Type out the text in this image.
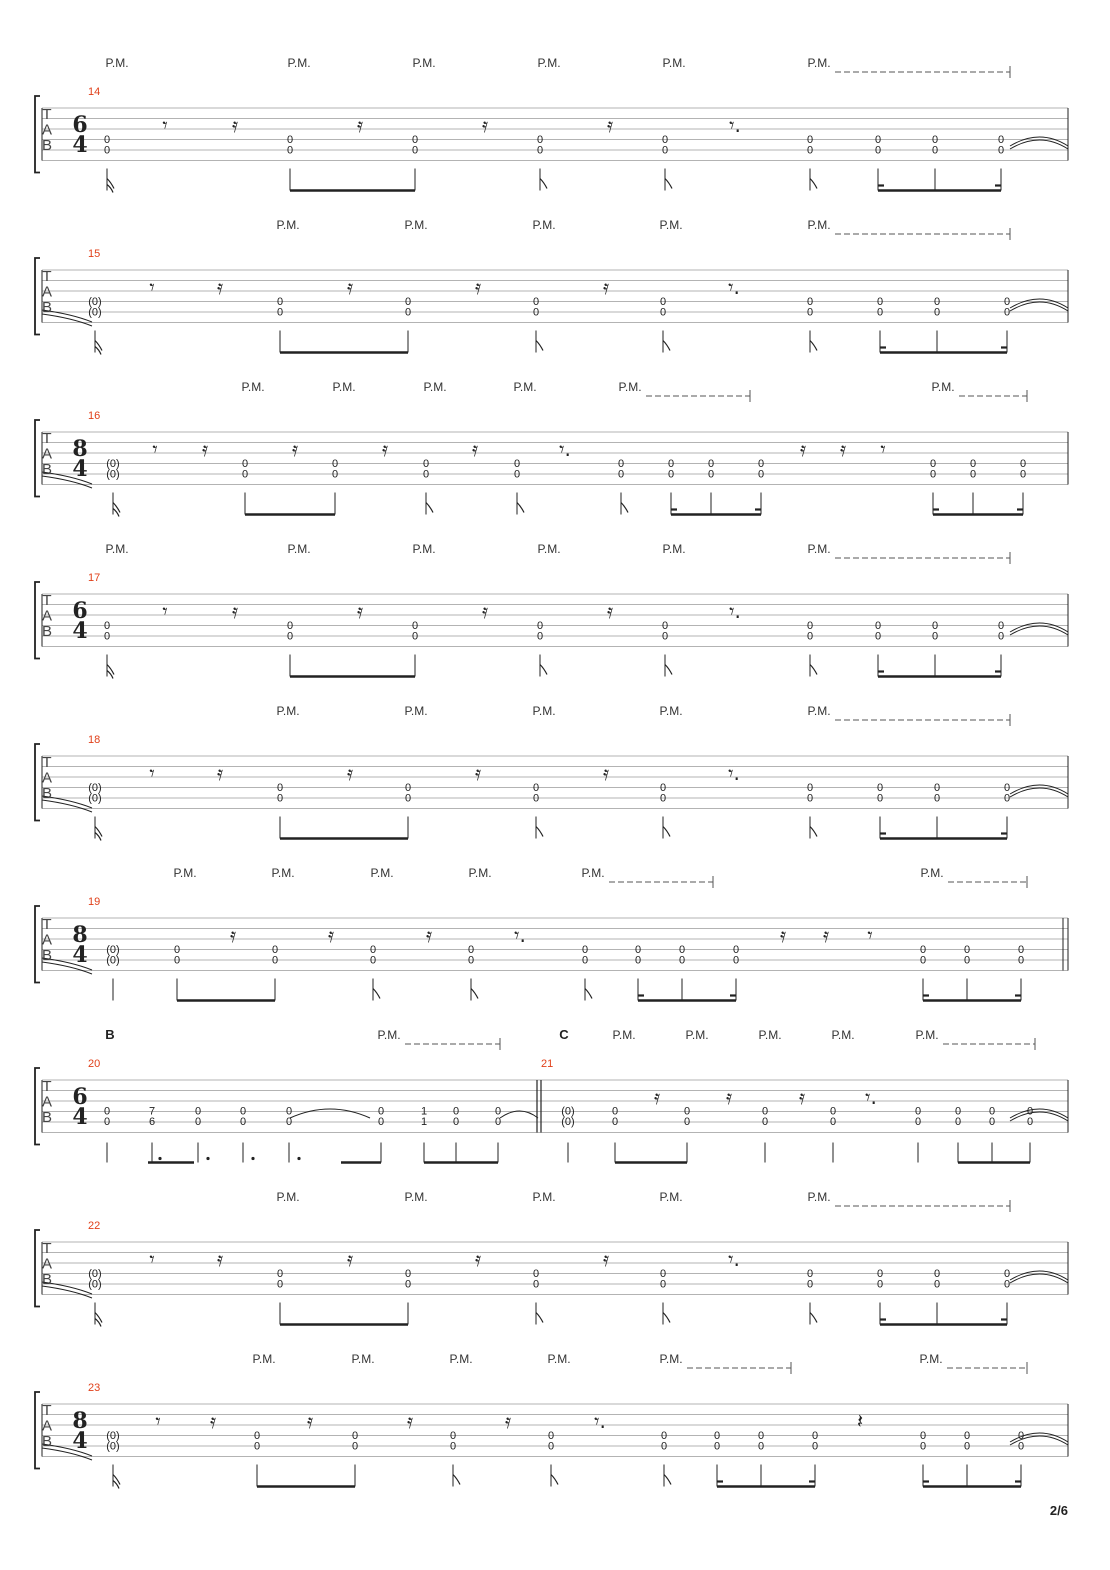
T
A
B
14
6
4
P.M.	P.M.	P.M.	P.M.	P.M.	P.M.
0
0
0
0
0
0
0
0
0
0
0
0
0
0
0
0
0
0
𝄾	𝄿	𝄿	𝄿	𝄿	𝄾.
T
A
B
15
P.M.	P.M.	P.M.	P.M.	P.M.
(0)
(0)
0
0
0
0
0
0
0
0
0
0
0
0
0
0
0
0
𝄾	𝄿	𝄿	𝄿	𝄿	𝄾.
T
A
B
16
8
4
P.M.	P.M.	P.M.	P.M.	P.M.	P.M.
(0)
(0)
0
0
0
0
0
0
0
0
0
0
0
0
0
0
0
0
0
0
0
0
0
0
𝄾 𝄿	𝄿	𝄿	𝄿	𝄾.	𝄿 𝄿 𝄾
T
A
B
17
6
4
P.M.	P.M.	P.M.	P.M.	P.M.	P.M.
0
0
0
0
0
0
0
0
0
0
0
0
0
0
0
0
0
0
𝄾	𝄿	𝄿	𝄿	𝄿	𝄾.
T
A
B
18
P.M.	P.M.	P.M.	P.M.	P.M.
(0)
(0)
0
0
0
0
0
0
0
0
0
0
0
0
0
0
0
0
𝄾	𝄿	𝄿	𝄿	𝄿	𝄾.
T
A
B
19
8
4
P.M.	P.M.	P.M.	P.M.	P.M.	P.M.
(0)
(0)
0
0
0
0
0
0
0
0
0
0
0
0
0
0
0
0
0
0
0
0
0
0
𝄿	𝄿	𝄿	𝄾.	𝄿 𝄿 𝄾
T
A
B
20
6
4
B	C
21
P.M.	P.M.	P.M.	P.M.	P.M.	P.M.
0
0
7
6
0
0
0
0
0
0
0
0
1
1
0
0
0
0
(0)
(0)
0
0
0
0
0
0
0
0
0
0
0
0
0
0
0
0
𝄿	𝄿	𝄿	𝄾.
T
A
B
22
P.M.	P.M.	P.M.	P.M.	P.M.
(0)
(0)
0
0
0
0
0
0
0
0
0
0
0
0
0
0
0
0
𝄾	𝄿	𝄿	𝄿	𝄿	𝄾.
T
A
B
23
8
4
P.M.	P.M.	P.M.	P.M.	P.M.	P.M.
(0)
(0)
0
0
0
0
0
0
0
0
0
0
0
0
0
0
0
0
0
0
0
0
0
0
𝄾 𝄿	𝄿	𝄿	𝄿	𝄾.	𝄽
2/6
